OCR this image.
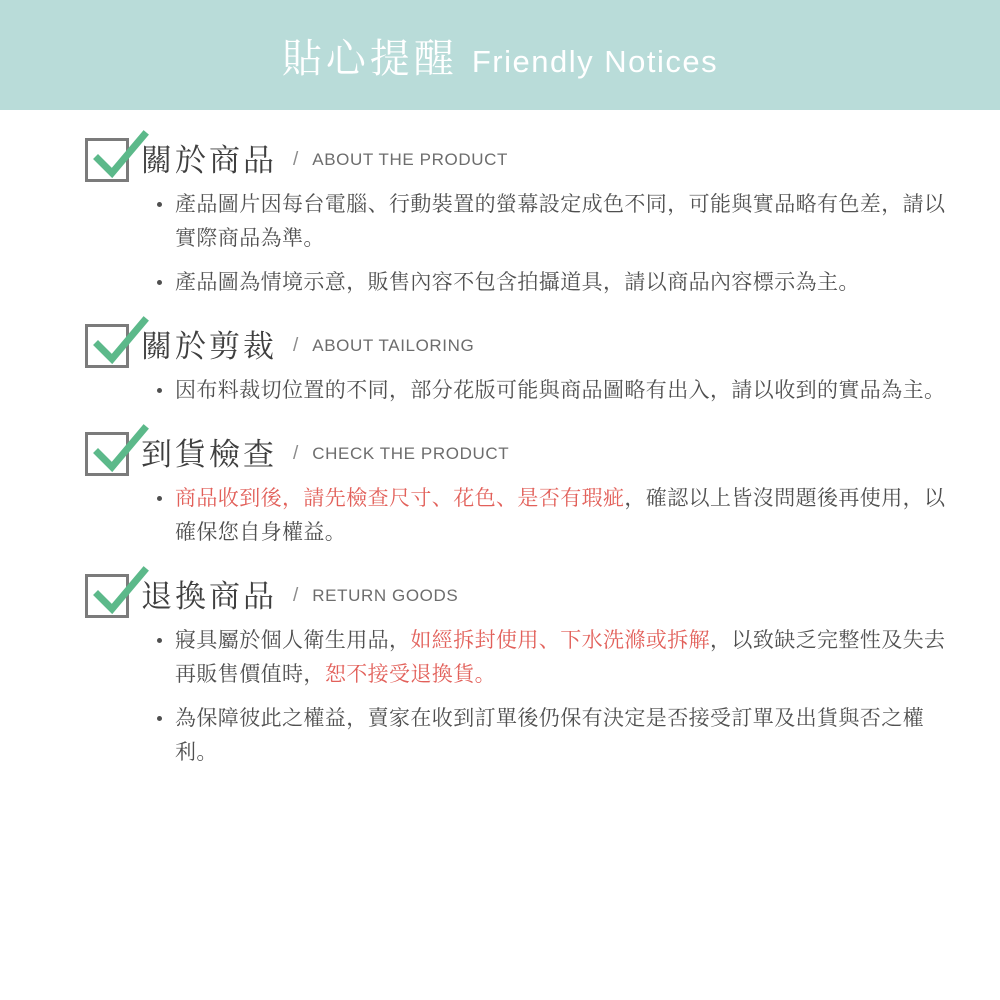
貼心提醒 Friendly Notices
關於商品 / ABOUT THE PRODUCT
產品圖片因每台電腦、行動裝置的螢幕設定成色不同，可能與實品略有色差，請以實際商品為準。
產品圖為情境示意，販售內容不包含拍攝道具，請以商品內容標示為主。
關於剪裁 / ABOUT TAILORING
因布料裁切位置的不同，部分花版可能與商品圖略有出入，請以收到的實品為主。
到貨檢查 / CHECK THE PRODUCT
商品收到後，請先檢查尺寸、花色、是否有瑕疵，確認以上皆沒問題後再使用，以確保您自身權益。
退換商品 / RETURN GOODS
寢具屬於個人衛生用品，如經拆封使用、下水洗滌或拆解，以致缺乏完整性及失去再販售價值時，恕不接受退換貨。
為保障彼此之權益，賣家在收到訂單後仍保有決定是否接受訂單及出貨與否之權利。
